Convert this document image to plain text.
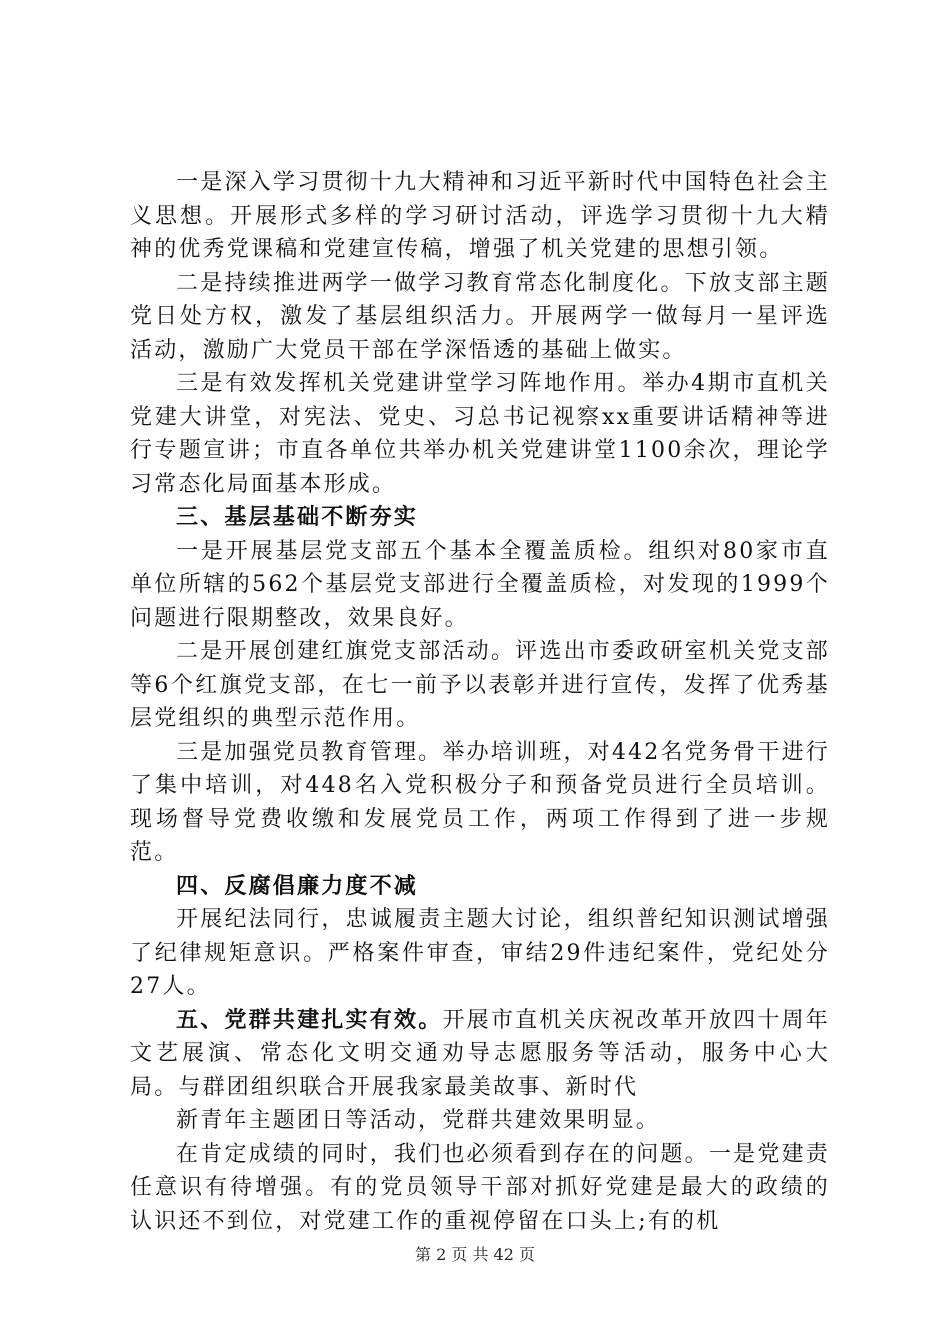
一是深入学习贯彻十九大精神和习近平新时代中国特色社会主义思想。开展形式多样的学习研讨活动，评选学习贯彻十九大精神的优秀党课稿和党建宣传稿，增强了机关党建的思想引领。

二是持续推进两学一做学习教育常态化制度化。下放支部主题党日处方权，激发了基层组织活力。开展两学一做每月一星评选活动，激励广大党员干部在学深悟透的基础上做实。

三是有效发挥机关党建讲堂学习阵地作用。举办4期市直机关党建大讲堂，对宪法、党史、习总书记视察xx重要讲话精神等进行专题宣讲；市直各单位共举办机关党建讲堂1100余次，理论学习常态化局面基本形成。

三、基层基础不断夯实

一是开展基层党支部五个基本全覆盖质检。组织对80家市直单位所辖的562个基层党支部进行全覆盖质检，对发现的1999个问题进行限期整改，效果良好。

二是开展创建红旗党支部活动。评选出市委政研室机关党支部等6个红旗党支部，在七一前予以表彰并进行宣传，发挥了优秀基层党组织的典型示范作用。

三是加强党员教育管理。举办培训班，对442名党务骨干进行了集中培训，对448名入党积极分子和预备党员进行全员培训。现场督导党费收缴和发展党员工作，两项工作得到了进一步规范。

四、反腐倡廉力度不减

开展纪法同行，忠诚履责主题大讨论，组织普纪知识测试增强了纪律规矩意识。严格案件审查，审结29件违纪案件，党纪处分27人。

五、党群共建扎实有效。开展市直机关庆祝改革开放四十周年文艺展演、常态化文明交通劝导志愿服务等活动，服务中心大局。与群团组织联合开展我家最美故事、新时代

新青年主题团日等活动，党群共建效果明显。

在肯定成绩的同时，我们也必须看到存在的问题。一是党建责任意识有待增强。有的党员领导干部对抓好党建是最大的政绩的认识还不到位，对党建工作的重视停留在口头上;有的机

第 2 页 共 42 页
